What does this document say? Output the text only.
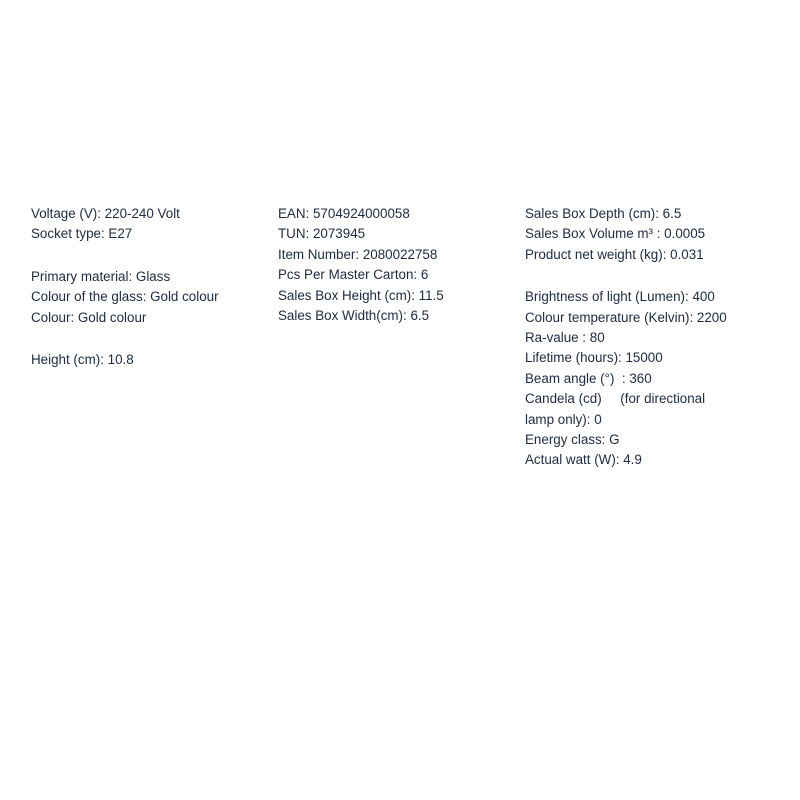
Voltage (V): 220-240 Volt
Socket type: E27
Primary material: Glass
Colour of the glass: Gold colour
Colour: Gold colour
Height (cm): 10.8
EAN: 5704924000058
TUN: 2073945
Item Number: 2080022758
Pcs Per Master Carton: 6
Sales Box Height (cm): 11.5
Sales Box Width(cm): 6.5
Sales Box Depth (cm): 6.5
Sales Box Volume m³ : 0.0005
Product net weight (kg): 0.031
Brightness of light (Lumen): 400
Colour temperature (Kelvin): 2200
Ra-value : 80
Lifetime (hours): 15000
Beam angle (°)  : 360
Candela (cd)     (for directional
lamp only): 0
Energy class: G
Actual watt (W): 4.9
